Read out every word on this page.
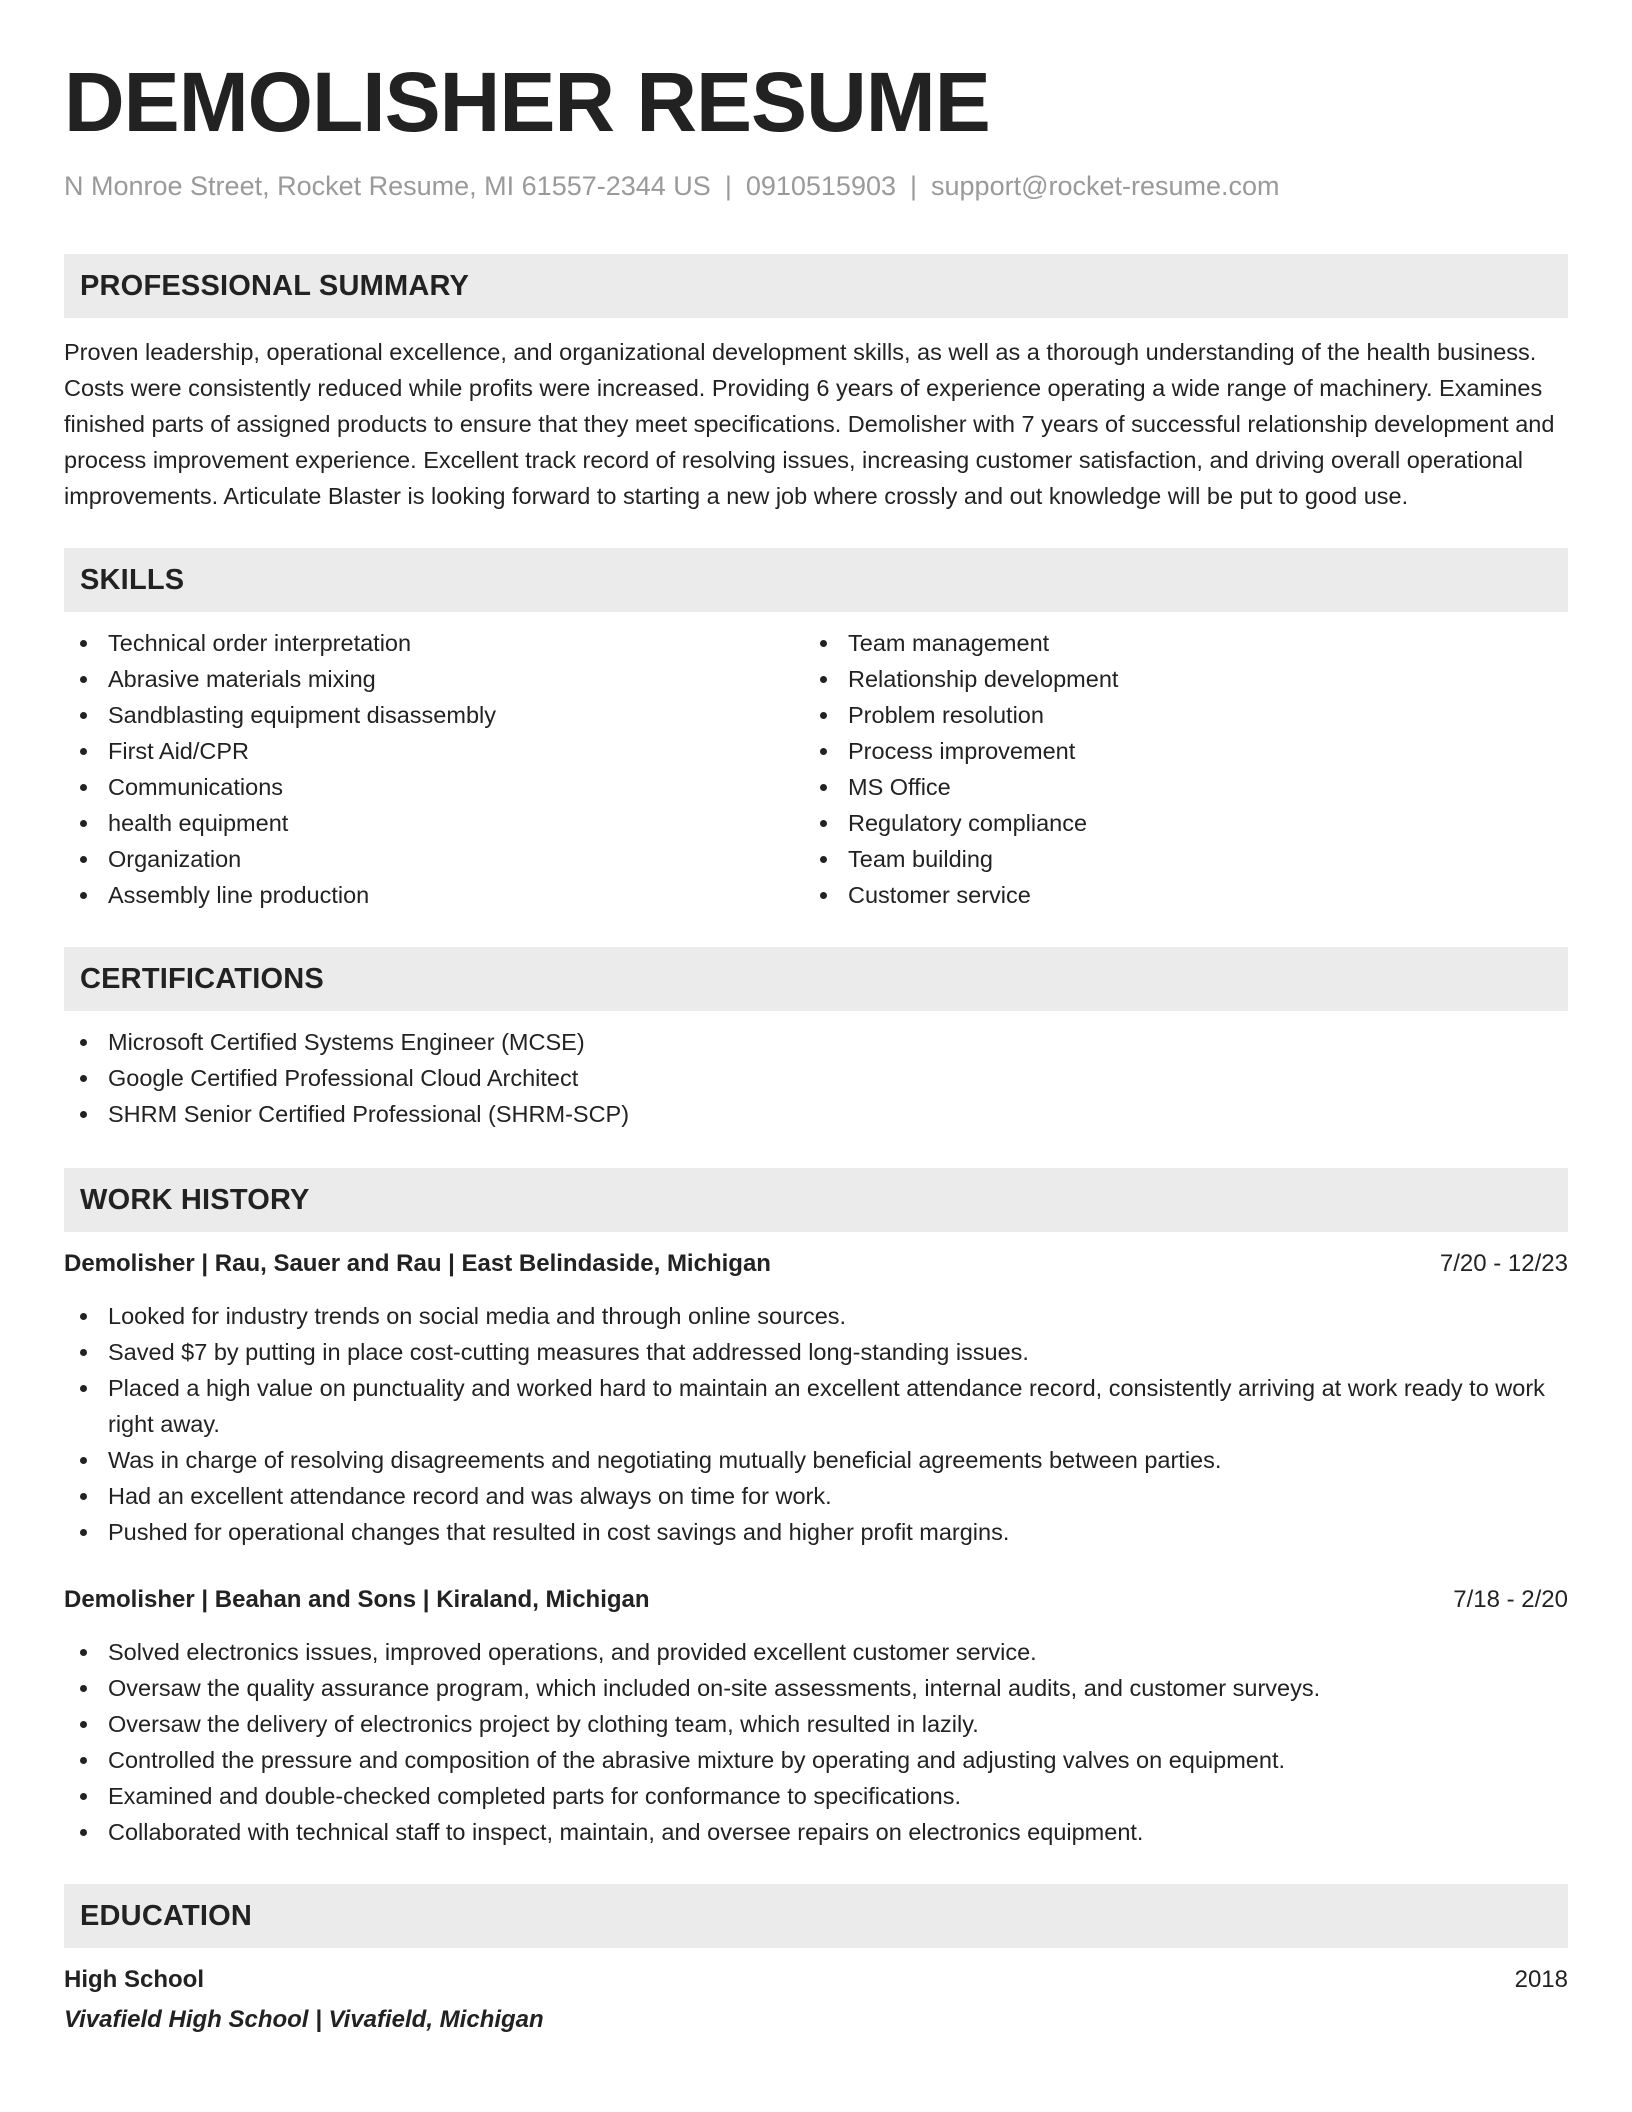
DEMOLISHER RESUME
N Monroe Street, Rocket Resume, MI 61557-2344 US | 0910515903 | support@rocket-resume.com
PROFESSIONAL SUMMARY
Proven leadership, operational excellence, and organizational development skills, as well as a thorough understanding of the health business. Costs were consistently reduced while profits were increased. Providing 6 years of experience operating a wide range of machinery. Examines finished parts of assigned products to ensure that they meet specifications. Demolisher with 7 years of successful relationship development and process improvement experience. Excellent track record of resolving issues, increasing customer satisfaction, and driving overall operational improvements. Articulate Blaster is looking forward to starting a new job where crossly and out knowledge will be put to good use.
SKILLS
Technical order interpretation
Abrasive materials mixing
Sandblasting equipment disassembly
First Aid/CPR
Communications
health equipment
Organization
Assembly line production
Team management
Relationship development
Problem resolution
Process improvement
MS Office
Regulatory compliance
Team building
Customer service
CERTIFICATIONS
Microsoft Certified Systems Engineer (MCSE)
Google Certified Professional Cloud Architect
SHRM Senior Certified Professional (SHRM-SCP)
WORK HISTORY
Demolisher | Rau, Sauer and Rau | East Belindaside, Michigan	7/20 - 12/23
Looked for industry trends on social media and through online sources.
Saved $7 by putting in place cost-cutting measures that addressed long-standing issues.
Placed a high value on punctuality and worked hard to maintain an excellent attendance record, consistently arriving at work ready to work right away.
Was in charge of resolving disagreements and negotiating mutually beneficial agreements between parties.
Had an excellent attendance record and was always on time for work.
Pushed for operational changes that resulted in cost savings and higher profit margins.
Demolisher | Beahan and Sons | Kiraland, Michigan	7/18 - 2/20
Solved electronics issues, improved operations, and provided excellent customer service.
Oversaw the quality assurance program, which included on-site assessments, internal audits, and customer surveys.
Oversaw the delivery of electronics project by clothing team, which resulted in lazily.
Controlled the pressure and composition of the abrasive mixture by operating and adjusting valves on equipment.
Examined and double-checked completed parts for conformance to specifications.
Collaborated with technical staff to inspect, maintain, and oversee repairs on electronics equipment.
EDUCATION
High School	2018
Vivafield High School | Vivafield, Michigan
